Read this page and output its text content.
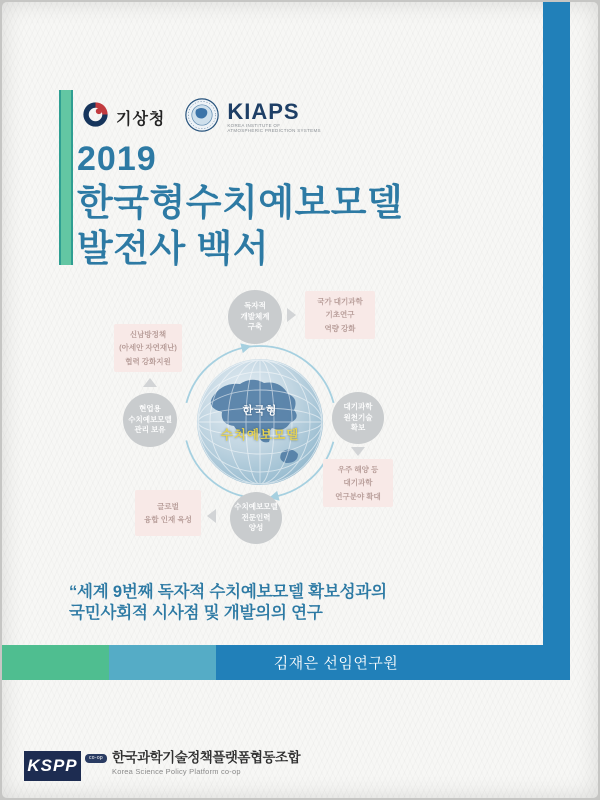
기상청	KIAPS
KOREA INSTITUTE OF
ATMOSPHERIC PREDICTION SYSTEMS
2019
한국형수치예보모델
발전사 백서
한국형
수치예보모델
독자적
개발체계
구축
대기과학
원천기술
확보
현업용
수치예보모델
관리 보유
수치예보모델
전문인력
양성
국가 대기과학
기초연구
역량 강화
신남방정책
(아세안 자연재난)
협력 강화지원
우주 해양 등
대기과학
연구분야 확대
글로벌
융합 인재 육성
“세계 9번째 독자적 수치예보모델 확보성과의
국민사회적 시사점 및 개발의의 연구
김재은 선임연구원
KSPP	co-op 한국과학기술정책플랫폼협동조합
Korea Science Policy Platform co-op
